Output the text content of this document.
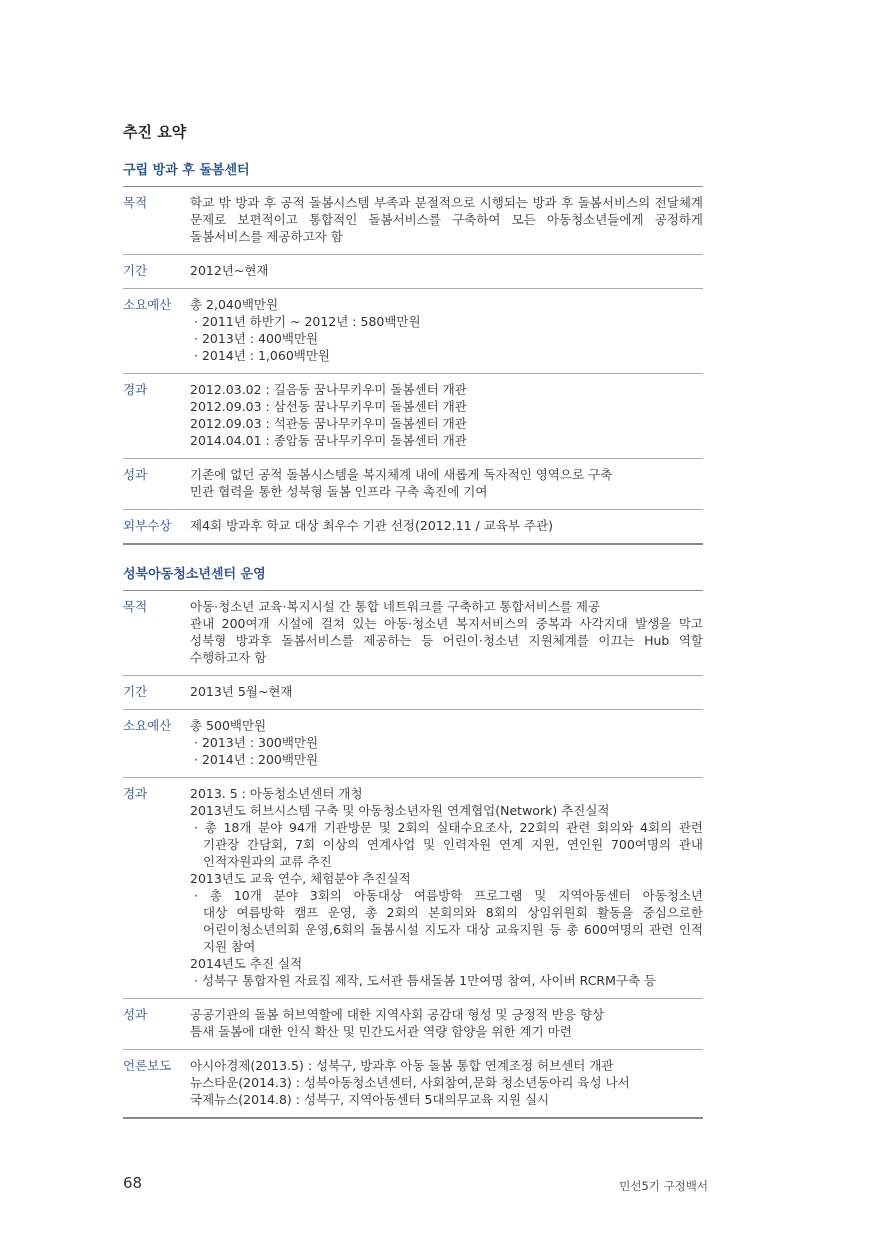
추진 요약
구립 방과 후 돌봄센터
목적	학교 밖 방과 후 공적 돌봄시스템 부족과 분절적으로 시행되는 방과 후 돌봄서비스의 전달체계
문제로 보편적이고 통합적인 돌봄서비스를 구축하여 모든 아동청소년들에게 공정하게
돌봄서비스를 제공하고자 함
기간	2012년~현재
소요예산 총 2,040백만원
· 2011년 하반기 ~ 2012년 : 580백만원
· 2013년 : 400백만원
· 2014년 : 1,060백만원
경과	2012.03.02 : 길음동 꿈나무키우미 돌봄센터 개관
2012.09.03 : 삼선동 꿈나무키우미 돌봄센터 개관
2012.09.03 : 석관동 꿈나무키우미 돌봄센터 개관
2014.04.01 : 종암동 꿈나무키우미 돌봄센터 개관
성과	기존에 없던 공적 돌봄시스템을 복지체계 내에 새롭게 독자적인 영역으로 구축
민관 협력을 통한 성북형 돌봄 인프라 구축 촉진에 기여
외부수상 제4회 방과후 학교 대상 최우수 기관 선정(2012.11 / 교육부 주관)
성북아동청소년센터 운영
목적	아동·청소년 교육·복지시설 간 통합 네트워크를 구축하고 통합서비스를 제공
관내 200여개 시설에 걸쳐 있는 아동·청소년 복지서비스의 중복과 사각지대 발생을 막고
성북형 방과후 돌봄서비스를 제공하는 등 어린이·청소년 지원체계를 이끄는 Hub 역할
수행하고자 함
기간	2013년 5월~현재
소요예산 총 500백만원
· 2013년 : 300백만원
· 2014년 : 200백만원
경과	2013. 5 : 아동청소년센터 개청
2013년도 허브시스템 구축 및 아동청소년자원 연계협업(Network) 추진실적
· 총 18개 분야 94개 기관방문 및 2회의 실태수요조사, 22회의 관련 회의와 4회의 관련
기관장 간담회, 7회 이상의 연계사업 및 인력자원 연계 지원, 연인원 700여명의 관내
인적자원과의 교류 추진
2013년도 교육 연수, 체험분야 추진실적
· 총 10개 분야 3회의 아동대상 여름방학 프로그램 및 지역아동센터 아동청소년
대상 여름방학 캠프 운영, 총 2회의 본회의와 8회의 상임위원회 활동을 중심으로한
어린이청소년의회 운영,6회의 돌봄시설 지도자 대상 교육지원 등 총 600여명의 관련 인적
지원 참여
2014년도 추진 실적
· 성북구 통합자원 자료집 제작, 도서관 틈새돌봄 1만여명 참여, 사이버 RCRM구축 등
성과	공공기관의 돌봄 허브역할에 대한 지역사회 공감대 형성 및 긍정적 반응 향상
틈새 돌봄에 대한 인식 확산 및 민간도서관 역량 함양을 위한 계기 마련
언론보도 아시아경제(2013.5) : 성북구, 방과후 아동 돌봄 통합 연계조정 허브센터 개관
뉴스타운(2014.3) : 성북아동청소년센터, 사회참여,문화 청소년동아리 육성 나서
국제뉴스(2014.8) : 성북구, 지역아동센터 5대의무교육 지원 실시
68	민선5기 구정백서
